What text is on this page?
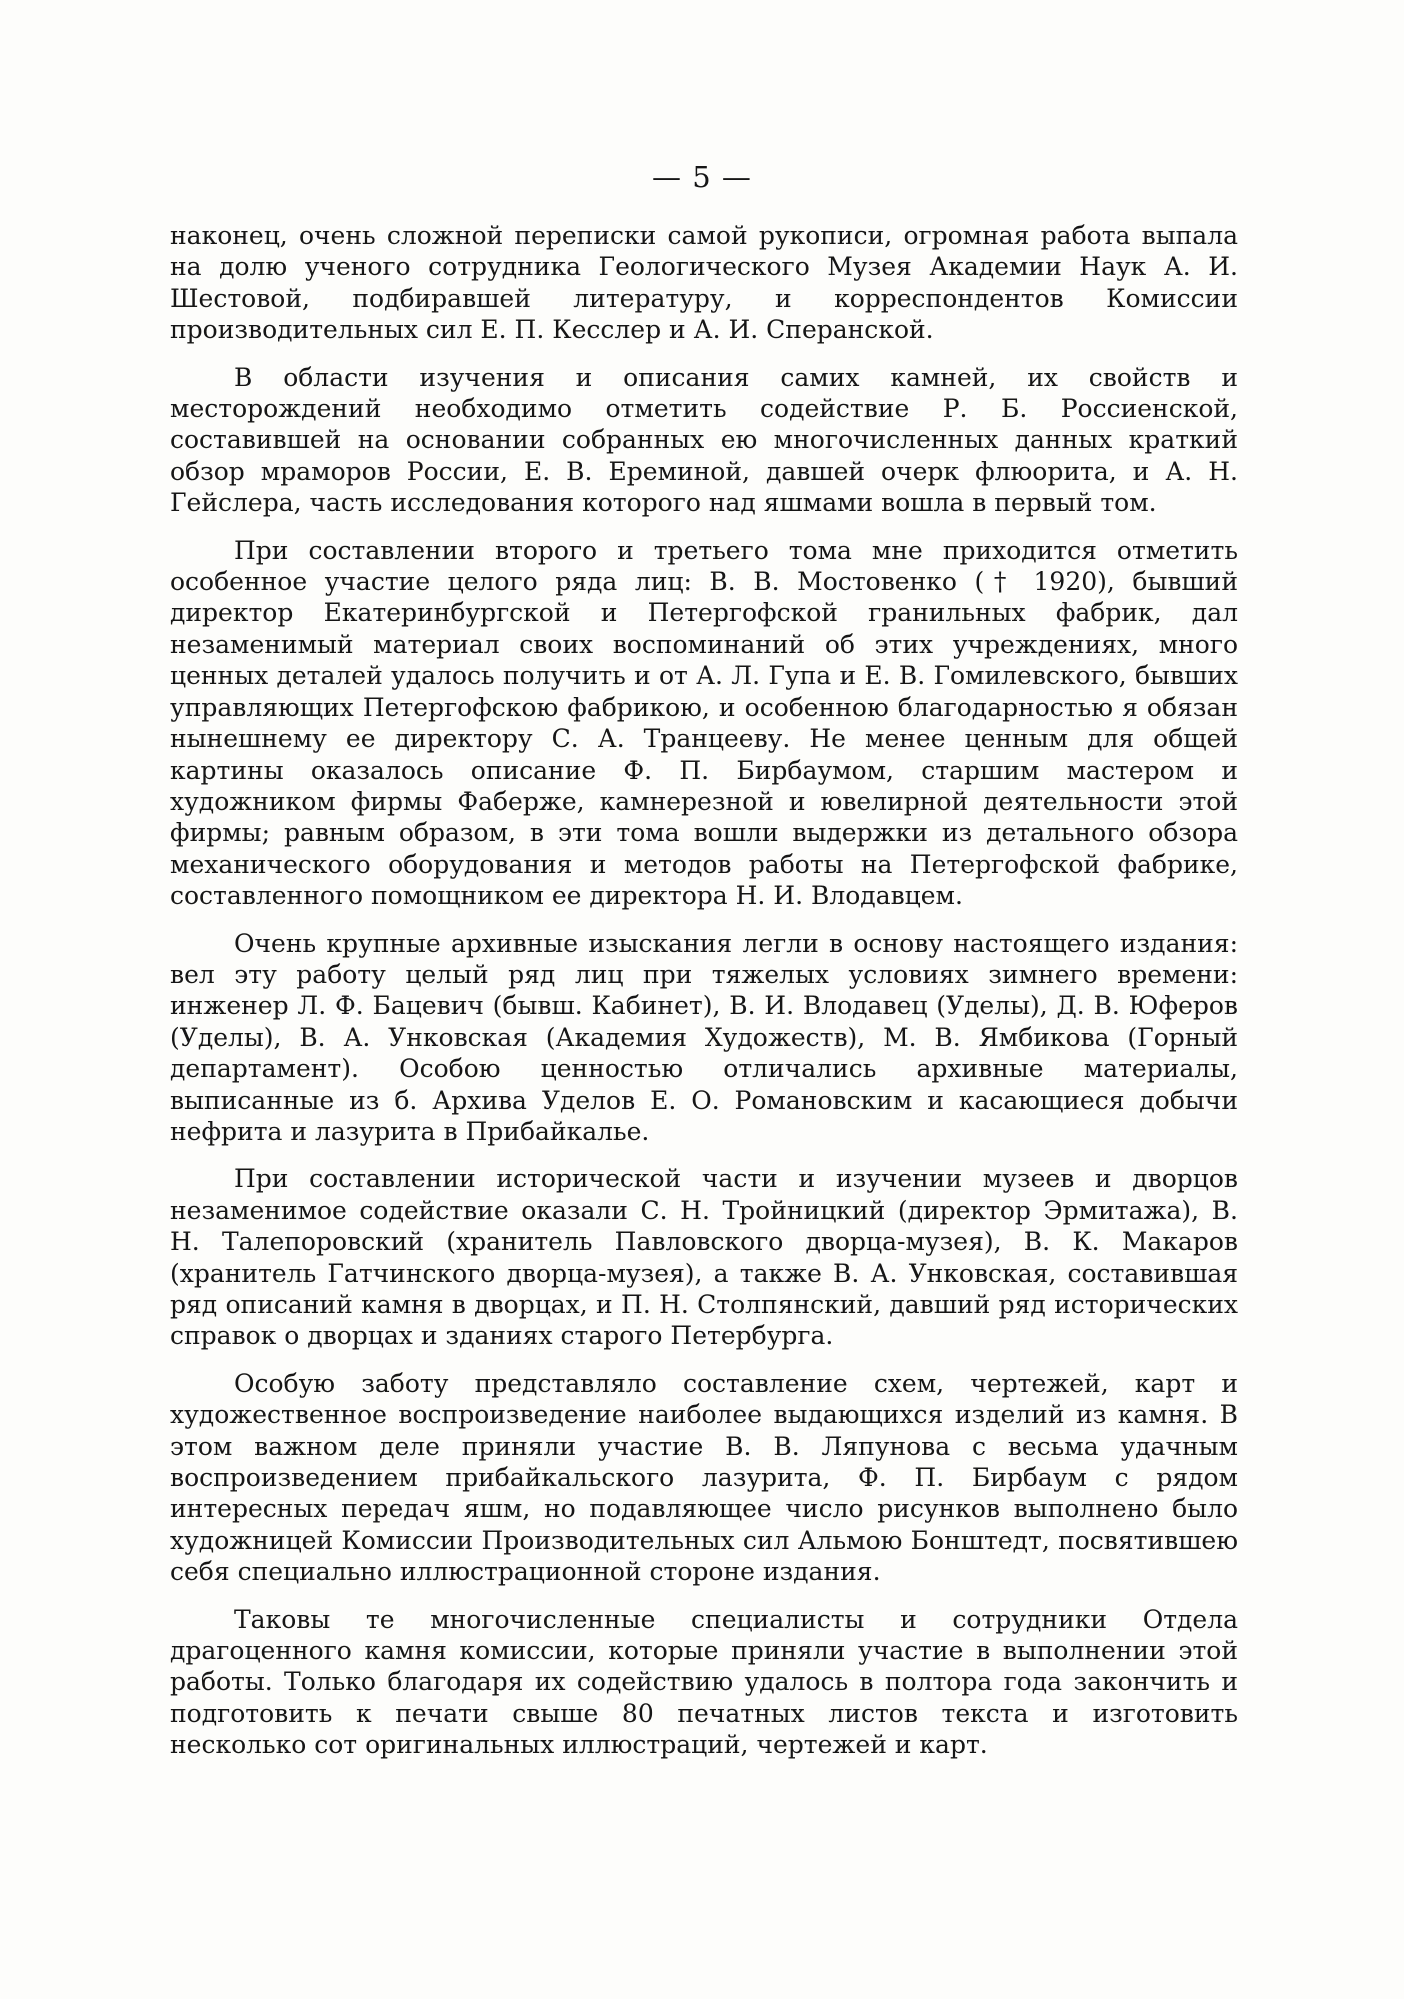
— 5 —

наконец, очень сложной переписки самой рукописи, огромная работа выпала на долю ученого сотрудника Геологического Музея Академии Наук А. И. Шестовой, подбиравшей литературу, и корреспондентов Комиссии производительных сил Е. П. Кесслер и А. И. Сперанской.

В области изучения и описания самих камней, их свойств и месторождений необходимо отметить содействие Р. Б. Россиенской, составившей на основании собранных ею многочисленных данных краткий обзор мраморов России, Е. В. Ереминой, давшей очерк флюорита, и А. Н. Гейслера, часть исследования которого над яшмами вошла в первый том.

При составлении второго и третьего тома мне приходится отметить особенное участие целого ряда лиц: В. В. Мостовенко († 1920), бывший директор Екатеринбургской и Петергофской гранильных фабрик, дал незаменимый материал своих воспоминаний об этих учреждениях, много ценных деталей удалось получить и от А. Л. Гупа и Е. В. Гомилевского, бывших управляющих Петергофскою фабрикою, и особенною благодарностью я обязан нынешнему ее директору С. А. Транцееву. Не менее ценным для общей картины оказалось описание Ф. П. Бирбаумом, старшим мастером и художником фирмы Фаберже, камнерезной и ювелирной деятельности этой фирмы; равным образом, в эти тома вошли выдержки из детального обзора механического оборудования и методов работы на Петергофской фабрике, составленного помощником ее директора Н. И. Влодавцем.

Очень крупные архивные изыскания легли в основу настоящего издания: вел эту работу целый ряд лиц при тяжелых условиях зимнего времени: инженер Л. Ф. Бацевич (бывш. Кабинет), В. И. Влодавец (Уделы), Д. В. Юферов (Уделы), В. А. Унковская (Академия Художеств), М. В. Ямбикова (Горный департамент). Особою ценностью отличались архивные материалы, выписанные из б. Архива Уделов Е. О. Романовским и касающиеся добычи нефрита и лазурита в Прибайкалье.

При составлении исторической части и изучении музеев и дворцов незаменимое содействие оказали С. Н. Тройницкий (директор Эрмитажа), В. Н. Талепоровский (хранитель Павловского дворца-музея), В. К. Макаров (хранитель Гатчинского дворца-музея), а также В. А. Унковская, составившая ряд описаний камня в дворцах, и П. Н. Столпянский, давший ряд исторических справок о дворцах и зданиях старого Петербурга.

Особую заботу представляло составление схем, чертежей, карт и художественное воспроизведение наиболее выдающихся изделий из камня. В этом важном деле приняли участие В. В. Ляпунова с весьма удачным воспроизведением прибайкальского лазурита, Ф. П. Бирбаум с рядом интересных передач яшм, но подавляющее число рисунков выполнено было художницей Комиссии Производительных сил Альмою Бонштедт, посвятившею себя специально иллюстрационной стороне издания.

Таковы те многочисленные специалисты и сотрудники Отдела драгоценного камня комиссии, которые приняли участие в выполнении этой работы. Только благодаря их содействию удалось в полтора года закончить и подготовить к печати свыше 80 печатных листов текста и изготовить несколько сот оригинальных иллюстраций, чертежей и карт.
